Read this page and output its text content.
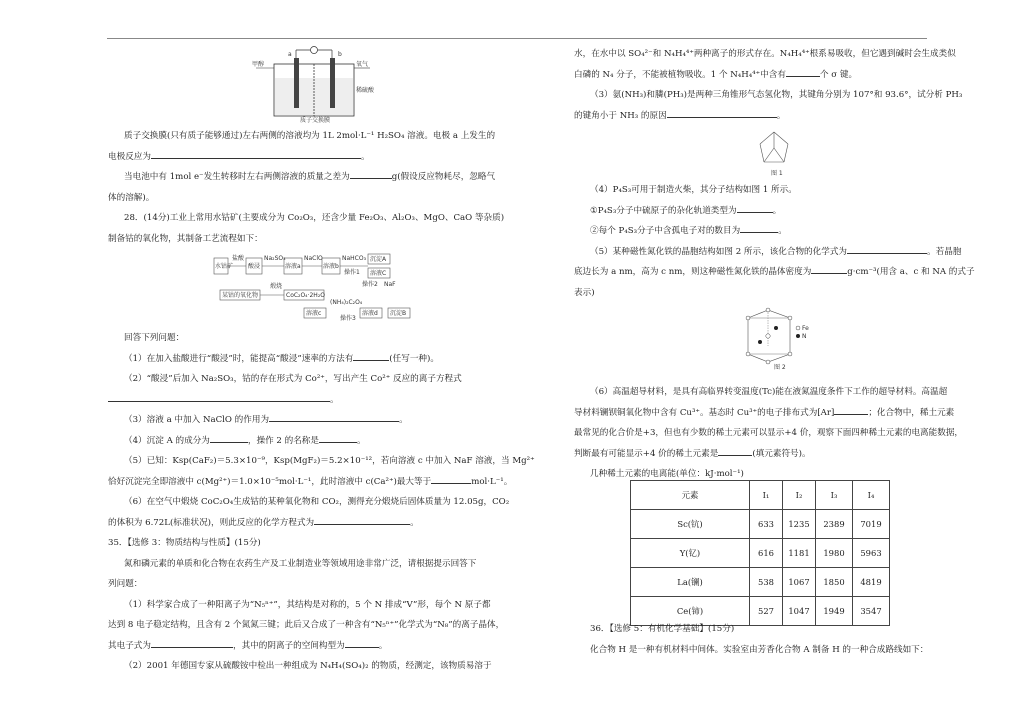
甲醇	氧气
稀硫酸
质子交换膜
a	b

质子交换膜(只有质子能够通过)左右两侧的溶液均为 1L 2mol·L⁻¹ H₂SO₄ 溶液。电极 a 上发生的

电极反应为	。

当电池中有 1mol e⁻发生转移时左右两侧溶液的质量之差为	g(假设反应物耗尽，忽略气

体的溶解)。

28．(14分)工业上常用水钴矿(主要成分为 Co₂O₃，还含少量 Fe₂O₃、Al₂O₃、MgO、CaO 等杂质)

制备钴的氧化物，其制备工艺流程如下：

水钴矿
盐酸
酸浸
Na₂SO₃
溶液a
NaClO
溶液b
NaHCO₃
操作1
沉淀A
溶液C
操作2 NaF
沉淀B
溶液d
操作3
(NH₄)₂C₂O₄
溶液c
CoC₂O₄·2H₂O
煅烧
某钴的氧化物

回答下列问题：

（1）在加入盐酸进行“酸浸”时，能提高“酸浸”速率的方法有	(任写一种)。

（2）“酸浸”后加入 Na₂SO₃，钴的存在形式为 Co²⁺，写出产生 Co²⁺ 反应的离子方程式

。

（3）溶液 a 中加入 NaClO 的作用为	。

（4）沉淀 A 的成分为	，操作 2 的名称是	。

（5）已知：Ksp(CaF₂)＝5.3×10⁻⁹，Ksp(MgF₂)＝5.2×10⁻¹²，若向溶液 c 中加入 NaF 溶液，当 Mg²⁺

恰好沉淀完全即溶液中 c(Mg²⁺)＝1.0×10⁻⁵mol·L⁻¹，此时溶液中 c(Ca²⁺)最大等于	mol·L⁻¹。

（6）在空气中煅烧 CoC₂O₄生成钴的某种氧化物和 CO₂，测得充分煅烧后固体质量为 12.05g，CO₂

的体积为 6.72L(标准状况)，则此反应的化学方程式为	。

35．【选修 3：物质结构与性质】(15分)

氮和磷元素的单质和化合物在农药生产及工业制造业等领域用途非常广泛，请根据提示回答下

列问题：

（1）科学家合成了一种阳离子为“N₅ⁿ⁺”，其结构是对称的，5 个 N 排成“V”形，每个 N 原子都

达到 8 电子稳定结构，且含有 2 个氮氮三键；此后又合成了一种含有“N₅ⁿ⁺”化学式为“N₈”的离子晶体，

其电子式为	，其中的阴离子的空间构型为	。

（2）2001 年德国专家从硫酸铵中检出一种组成为 N₄H₄(SO₄)₂ 的物质，经测定，该物质易溶于

水，在水中以 SO₄²⁻和 N₄H₄⁴⁺两种离子的形式存在。N₄H₄⁴⁺根系易吸收，但它遇到碱时会生成类似

白磷的 N₄ 分子，不能被植物吸收。1 个 N₄H₄⁴⁺中含有	个 σ 键。

（3）氨(NH₃)和膦(PH₃)是两种三角锥形气态氢化物，其键角分别为 107°和 93.6°，试分析 PH₃

的键角小于 NH₃ 的原因	。

图 1

（4）P₄S₃可用于制造火柴，其分子结构如图 1 所示。

①P₄S₃分子中硫原子的杂化轨道类型为	。

②每个 P₄S₃分子中含孤电子对的数目为	。

（5）某种磁性氮化铁的晶胞结构如图 2 所示，该化合物的化学式为	。若晶胞

底边长为 a nm，高为 c nm，则这种磁性氮化铁的晶体密度为	g·cm⁻³(用含 a、c 和 NA 的式子

表示)

Fe
N
图 2

（6）高温超导材料，是具有高临界转变温度(Tc)能在液氮温度条件下工作的超导材料。高温超

导材料镧钡铜氧化物中含有 Cu³⁺。基态时 Cu³⁺的电子排布式为[Ar]	；化合物中，稀土元素

最常见的化合价是+3，但也有少数的稀土元素可以显示+4 价，观察下面四种稀土元素的电离能数据，

判断最有可能显示+4 价的稀土元素是	(填元素符号)。

几种稀土元素的电离能(单位：kJ·mol⁻¹)

元素	I₁	I₂	I₃	I₄
Sc(钪)	633	1235	2389	7019
Y(钇)	616	1181	1980	5963
La(镧)	538	1067	1850	4819
Ce(铈)	527	1047	1949	3547

36．【选修 5：有机化学基础】(15分)

化合物 H 是一种有机材料中间体。实验室由芳香化合物 A 制备 H 的一种合成路线如下：
